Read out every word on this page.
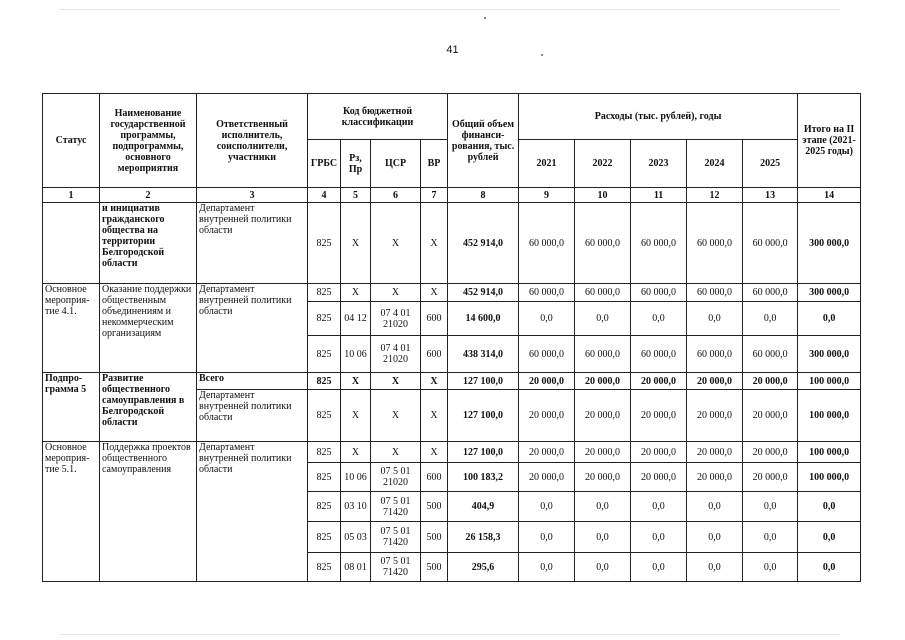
41
Статус	Наименование государственной программы, подпрограммы, основного мероприятия	Ответственный исполнитель, соисполнители, участники	Код бюджетной классификации				Общий объем финанси-рования, тыс. рублей	Расходы (тыс. рублей), годы					Итого на II этапе (2021-2025 годы)
			ГРБС	Рз, Пр	ЦСР	ВР		2021	2022	2023	2024	2025	
1	2	3	4	5	6	7	8	9	10	11	12	13	14
	и инициатив гражданского общества на территории Белгородской области	Департамент внутренней политики области	825	X	X	X	452 914,0	60 000,0	60 000,0	60 000,0	60 000,0	60 000,0	300 000,0
Основное мероприя-тие 4.1.	Оказание поддержки общественным объединениям и некоммерческим организациям	Департамент внутренней политики области	825	X	X	X	452 914,0	60 000,0	60 000,0	60 000,0	60 000,0	60 000,0	300 000,0
			825	04 12	07 4 01 21020	600	14 600,0	0,0	0,0	0,0	0,0	0,0	0,0
			825	10 06	07 4 01 21020	600	438 314,0	60 000,0	60 000,0	60 000,0	60 000,0	60 000,0	300 000,0
Подпро-грамма 5	Развитие общественного самоуправления в Белгородской области	Всего	825	X	X	X	127 100,0	20 000,0	20 000,0	20 000,0	20 000,0	20 000,0	100 000,0
		Департамент внутренней политики области	825	X	X	X	127 100,0	20 000,0	20 000,0	20 000,0	20 000,0	20 000,0	100 000,0
Основное мероприя-тие 5.1.	Поддержка проектов общественного самоуправления	Департамент внутренней политики области	825	X	X	X	127 100,0	20 000,0	20 000,0	20 000,0	20 000,0	20 000,0	100 000,0
			825	10 06	07 5 01 21020	600	100 183,2	20 000,0	20 000,0	20 000,0	20 000,0	20 000,0	100 000,0
			825	03 10	07 5 01 71420	500	404,9	0,0	0,0	0,0	0,0	0,0	0,0
			825	05 03	07 5 01 71420	500	26 158,3	0,0	0,0	0,0	0,0	0,0	0,0
			825	08 01	07 5 01 71420	500	295,6	0,0	0,0	0,0	0,0	0,0	0,0
